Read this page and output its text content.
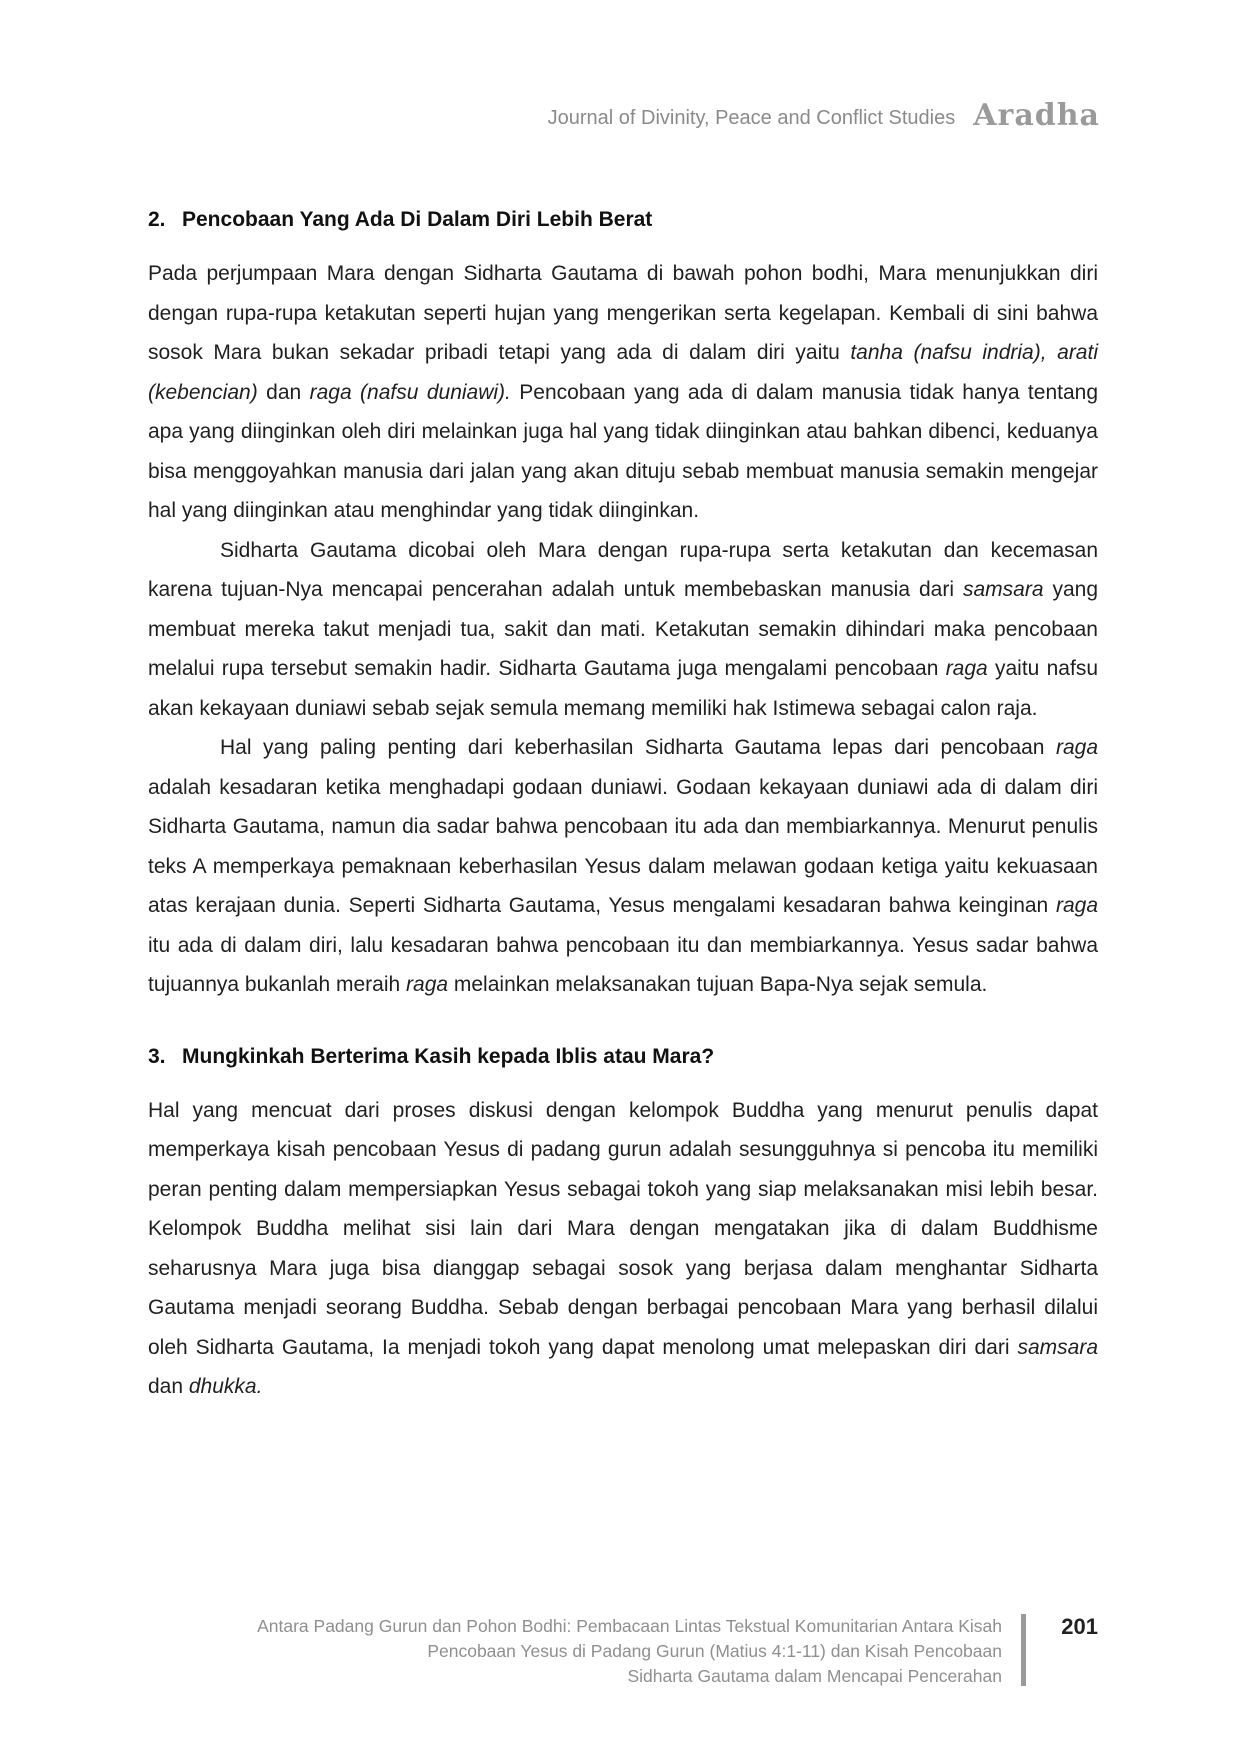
Journal of Divinity, Peace and Conflict Studies Aradha
2. Pencobaan Yang Ada Di Dalam Diri Lebih Berat

Pada perjumpaan Mara dengan Sidharta Gautama di bawah pohon bodhi, Mara menunjukkan diri dengan rupa-rupa ketakutan seperti hujan yang mengerikan serta kegelapan. Kembali di sini bahwa sosok Mara bukan sekadar pribadi tetapi yang ada di dalam diri yaitu tanha (nafsu indria), arati (kebencian) dan raga (nafsu duniawi). Pencobaan yang ada di dalam manusia tidak hanya tentang apa yang diinginkan oleh diri melainkan juga hal yang tidak diinginkan atau bahkan dibenci, keduanya bisa menggoyahkan manusia dari jalan yang akan dituju sebab membuat manusia semakin mengejar hal yang diinginkan atau menghindar yang tidak diinginkan.

Sidharta Gautama dicobai oleh Mara dengan rupa-rupa serta ketakutan dan kecemasan karena tujuan-Nya mencapai pencerahan adalah untuk membebaskan manusia dari samsara yang membuat mereka takut menjadi tua, sakit dan mati. Ketakutan semakin dihindari maka pencobaan melalui rupa tersebut semakin hadir. Sidharta Gautama juga mengalami pencobaan raga yaitu nafsu akan kekayaan duniawi sebab sejak semula memang memiliki hak Istimewa sebagai calon raja.

Hal yang paling penting dari keberhasilan Sidharta Gautama lepas dari pencobaan raga adalah kesadaran ketika menghadapi godaan duniawi. Godaan kekayaan duniawi ada di dalam diri Sidharta Gautama, namun dia sadar bahwa pencobaan itu ada dan membiarkannya. Menurut penulis teks A memperkaya pemaknaan keberhasilan Yesus dalam melawan godaan ketiga yaitu kekuasaan atas kerajaan dunia. Seperti Sidharta Gautama, Yesus mengalami kesadaran bahwa keinginan raga itu ada di dalam diri, lalu kesadaran bahwa pencobaan itu dan membiarkannya. Yesus sadar bahwa tujuannya bukanlah meraih raga melainkan melaksanakan tujuan Bapa-Nya sejak semula.

3. Mungkinkah Berterima Kasih kepada Iblis atau Mara?

Hal yang mencuat dari proses diskusi dengan kelompok Buddha yang menurut penulis dapat memperkaya kisah pencobaan Yesus di padang gurun adalah sesungguhnya si pencoba itu memiliki peran penting dalam mempersiapkan Yesus sebagai tokoh yang siap melaksanakan misi lebih besar. Kelompok Buddha melihat sisi lain dari Mara dengan mengatakan jika di dalam Buddhisme seharusnya Mara juga bisa dianggap sebagai sosok yang berjasa dalam menghantar Sidharta Gautama menjadi seorang Buddha. Sebab dengan berbagai pencobaan Mara yang berhasil dilalui oleh Sidharta Gautama, Ia menjadi tokoh yang dapat menolong umat melepaskan diri dari samsara dan dhukka.

Antara Padang Gurun dan Pohon Bodhi: Pembacaan Lintas Tekstual Komunitarian Antara Kisah
Pencobaan Yesus di Padang Gurun (Matius 4:1-11) dan Kisah Pencobaan
Sidharta Gautama dalam Mencapai Pencerahan
201
